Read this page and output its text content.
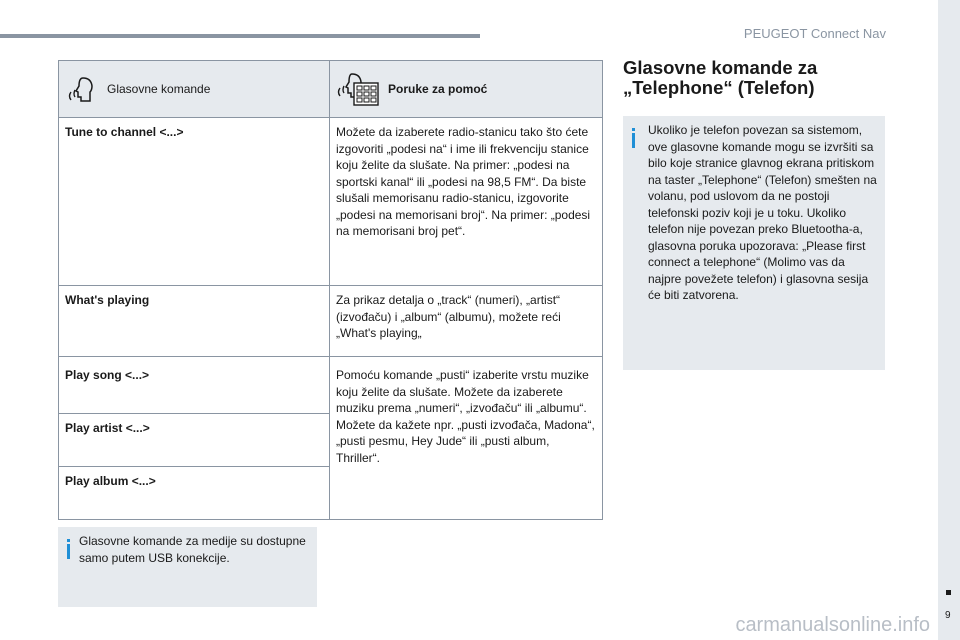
PEUGEOT Connect Nav
9
Glasovne komande	Poruke za pomoć

Tune to channel <...>	Možete da izaberete radio-stanicu tako što ćete izgovoriti „podesi na“ i ime ili frekvenciju stanice koju želite da slušate. Na primer: „podesi na sportski kanal“ ili „podesi na 98,5 FM“. Da biste slušali memorisanu radio-stanicu, izgovorite „podesi na memorisani broj“. Na primer: „podesi na memorisani broj pet“.
What's playing	Za prikaz detalja o „track“ (numeri), „artist“ (izvođaču) i „album“ (albumu), možete reći „What's playing„
Play song <...>	Pomoću komande „pusti“ izaberite vrstu muzike koju želite da slušate. Možete da izaberete muziku prema „numeri“, „izvođaču“ ili „albumu“. Možete da kažete npr. „pusti izvođača, Madona“, „pusti pesmu, Hey Jude“ ili „pusti album, Thriller“.
Play artist <...>	
Play album <...>	
Glasovne komande za medije su dostupne samo putem USB konekcije.
Glasovne komande za „Telephone“ (Telefon)
Ukoliko je telefon povezan sa sistemom, ove glasovne komande mogu se izvršiti sa bilo koje stranice glavnog ekrana pritiskom na taster „Telephone“ (Telefon) smešten na volanu, pod uslovom da ne postoji telefonski poziv koji je u toku. Ukoliko telefon nije povezan preko Bluetootha-a, glasovna poruka upozorava: „Please first connect a telephone“ (Molimo vas da najpre povežete telefon) i glasovna sesija će biti zatvorena.
carmanualsonline.info
